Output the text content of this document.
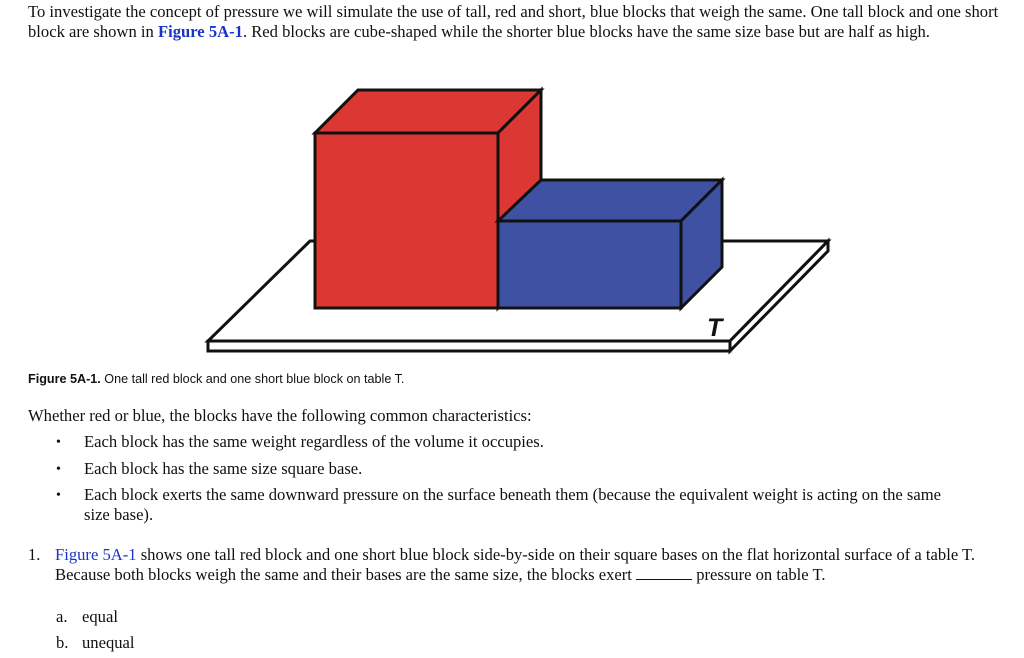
To investigate the concept of pressure we will simulate the use of tall, red and short, blue blocks that weigh the same. One tall block and one short block are shown in Figure 5A-1. Red blocks are cube-shaped while the shorter blue blocks have the same size base but are half as high.
T
Figure 5A-1. One tall red block and one short blue block on table T.
Whether red or blue, the blocks have the following common characteristics:
• Each block has the same weight regardless of the volume it occupies.
• Each block has the same size square base.
• Each block exerts the same downward pressure on the surface beneath them (because the equivalent weight is acting on the same size base).
1. Figure 5A-1 shows one tall red block and one short blue block side-by-side on their square bases on the flat horizontal surface of a table T. Because both blocks weigh the same and their bases are the same size, the blocks exert	pressure on table T.
a. equal
b. unequal
